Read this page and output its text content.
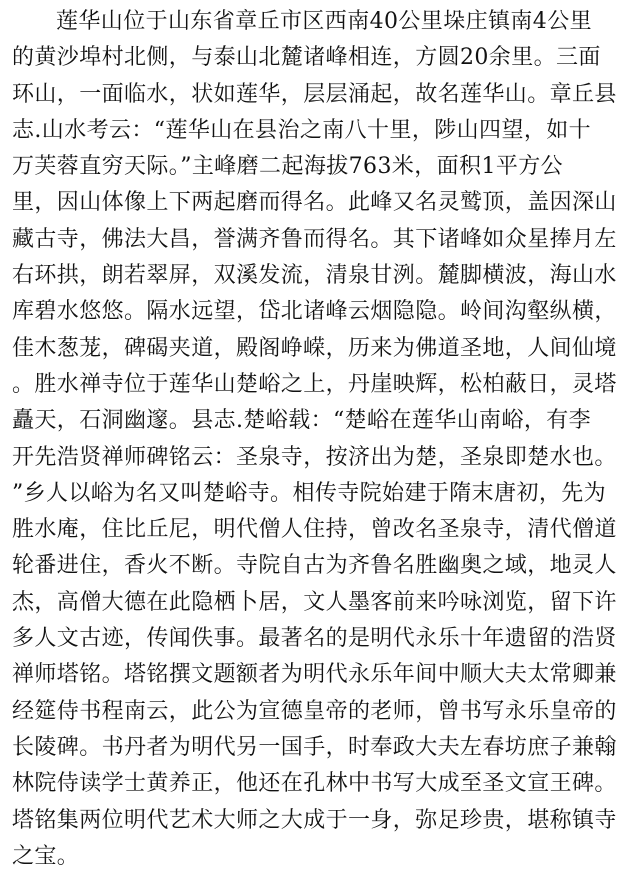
莲华山位于山东省章丘市区西南40公里垛庄镇南4公里
的黄沙埠村北侧，与泰山北麓诸峰相连，方圆20余里。三面
环山，一面临水，状如莲华，层层涌起，故名莲华山。章丘县
志.山水考云：“莲华山在县治之南八十里，陟山四望，如十
万芙蓉直穷天际。”主峰磨二起海拔763米，面积1平方公
里，因山体像上下两起磨而得名。此峰又名灵鹫顶，盖因深山
藏古寺，佛法大昌，誉满齐鲁而得名。其下诸峰如众星捧月左
右环拱，朗若翠屏，双溪发流，清泉甘洌。麓脚横波，海山水
库碧水悠悠。隔水远望，岱北诸峰云烟隐隐。岭间沟壑纵横，
佳木葱茏，碑碣夹道，殿阁峥嵘，历来为佛道圣地，人间仙境
。胜水禅寺位于莲华山楚峪之上，丹崖映辉，松柏蔽日，灵塔
矗天，石洞幽邃。县志.楚峪载：“楚峪在莲华山南峪，有李
开先浩贤禅师碑铭云：圣泉寺，按济出为楚，圣泉即楚水也。
”乡人以峪为名又叫楚峪寺。相传寺院始建于隋末唐初，先为
胜水庵，住比丘尼，明代僧人住持，曾改名圣泉寺，清代僧道
轮番进住，香火不断。寺院自古为齐鲁名胜幽奥之域，地灵人
杰，高僧大德在此隐栖卜居，文人墨客前来吟咏浏览，留下许
多人文古迹，传闻佚事。最著名的是明代永乐十年遗留的浩贤
禅师塔铭。塔铭撰文题额者为明代永乐年间中顺大夫太常卿兼
经筵侍书程南云，此公为宣德皇帝的老师，曾书写永乐皇帝的
长陵碑。书丹者为明代另一国手，时奉政大夫左春坊庶子兼翰
林院侍读学士黄养正，他还在孔林中书写大成至圣文宣王碑。
塔铭集两位明代艺术大师之大成于一身，弥足珍贵，堪称镇寺
之宝。
